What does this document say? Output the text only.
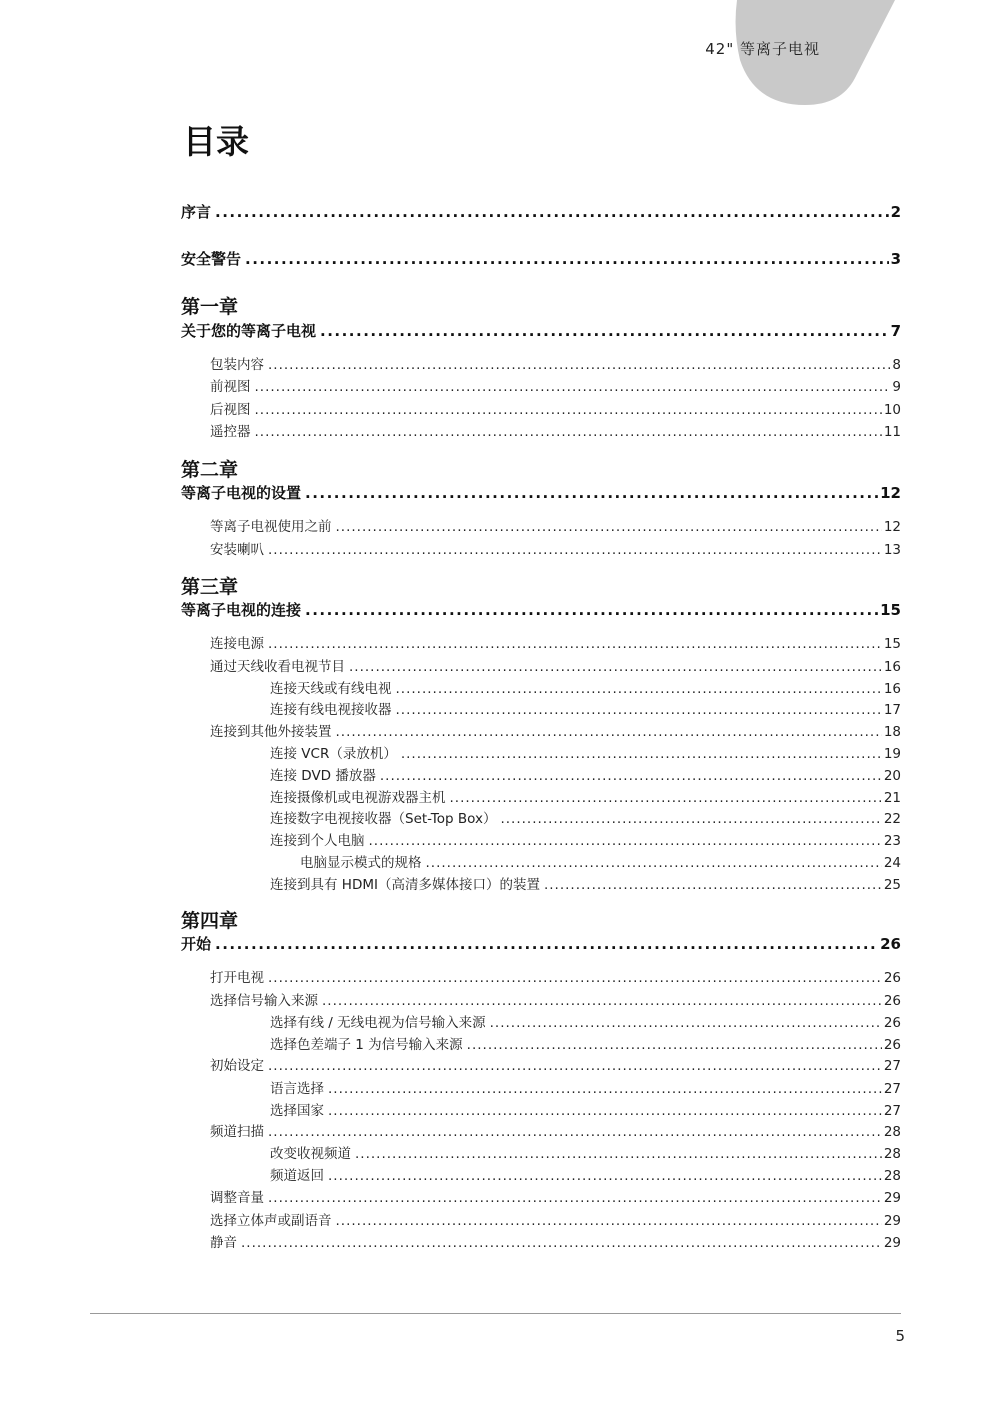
42" 等离子电视
目录
序言 .....	2
安全警告 .....	3
第一章
关于您的等离子电视 .....	7
包装内容 .....	8
前视图 .....	9
后视图 .....	10
遥控器 .....	11
第二章
等离子电视的设置 .....	12
等离子电视使用之前 .....	12
安装喇叭 .....	13
第三章
等离子电视的连接 .....	15
连接电源 .....	15
通过天线收看电视节目 .....	16
连接天线或有线电视 .....	16
连接有线电视接收器 .....	17
连接到其他外接装置 .....	18
连接 VCR（录放机） .....	19
连接 DVD 播放器 .....	20
连接摄像机或电视游戏器主机 .....	21
连接数字电视接收器（Set-Top Box） .....	22
连接到个人电脑 .....	23
电脑显示模式的规格 .....	24
连接到具有 HDMI（高清多媒体接口）的装置 .....	25
第四章
开始 .....	26
打开电视 .....	26
选择信号输入来源 .....	26
选择有线 / 无线电视为信号输入来源 .....	26
选择色差端子 1 为信号输入来源 .....	26
初始设定 .....	27
语言选择 .....	27
选择国家 .....	27
频道扫描 .....	28
改变收视频道 .....	28
频道返回 .....	28
调整音量 .....	29
选择立体声或副语音 .....	29
静音 .....	29
5
